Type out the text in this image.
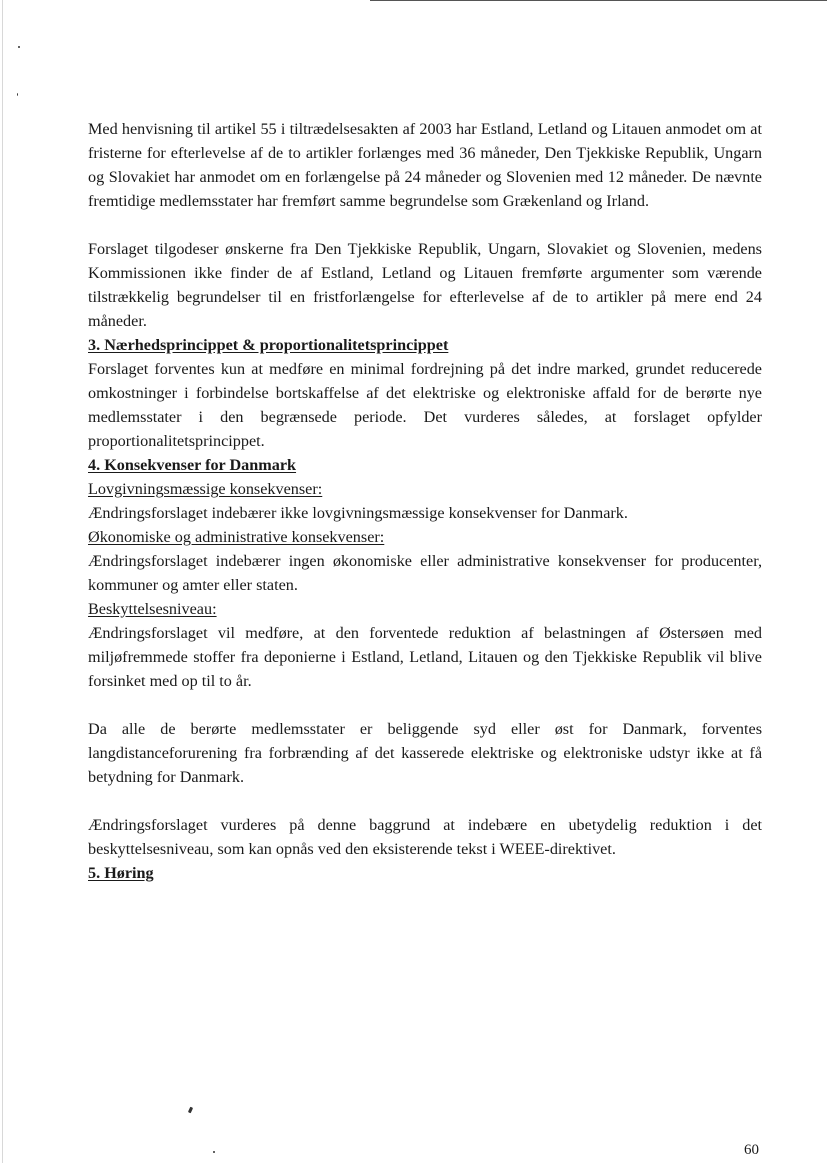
Med henvisning til artikel 55 i tiltrædelsesakten af 2003 har Estland, Letland og Litauen anmodet om at fristerne for efterlevelse af de to artikler forlænges med 36 måneder, Den Tjekkiske Republik, Ungarn og Slovakiet har anmodet om en forlængelse på 24 måneder og Slovenien med 12 måneder. De nævnte fremtidige medlemsstater har fremført samme begrundelse som Grækenland og Irland.

Forslaget tilgodeser ønskerne fra Den Tjekkiske Republik, Ungarn, Slovakiet og Slovenien, medens Kommissionen ikke finder de af Estland, Letland og Litauen fremførte argumenter som værende tilstrækkelig begrundelser til en fristforlængelse for efterlevelse af de to artikler på mere end 24 måneder.

3. Nærhedsprincippet & proportionalitetsprincippet

Forslaget forventes kun at medføre en minimal fordrejning på det indre marked, grundet reducerede omkostninger i forbindelse bortskaffelse af det elektriske og elektroniske affald for de berørte nye medlemsstater i den begrænsede periode. Det vurderes således, at forslaget opfylder proportionalitetsprincippet.

4. Konsekvenser for Danmark

Lovgivningsmæssige konsekvenser:

Ændringsforslaget indebærer ikke lovgivningsmæssige konsekvenser for Danmark.

Økonomiske og administrative konsekvenser:

Ændringsforslaget indebærer ingen økonomiske eller administrative konsekvenser for producenter, kommuner og amter eller staten.

Beskyttelsesniveau:

Ændringsforslaget vil medføre, at den forventede reduktion af belastningen af Østersøen med miljøfremmede stoffer fra deponierne i Estland, Letland, Litauen og den Tjekkiske Republik vil blive forsinket med op til to år.

Da alle de berørte medlemsstater er beliggende syd eller øst for Danmark, forventes langdistanceforurening fra forbrænding af det kasserede elektriske og elektroniske udstyr ikke at få betydning for Danmark.

Ændringsforslaget vurderes på denne baggrund at indebære en ubetydelig reduktion i det beskyttelsesniveau, som kan opnås ved den eksisterende tekst i WEEE-direktivet.

5. Høring

60
